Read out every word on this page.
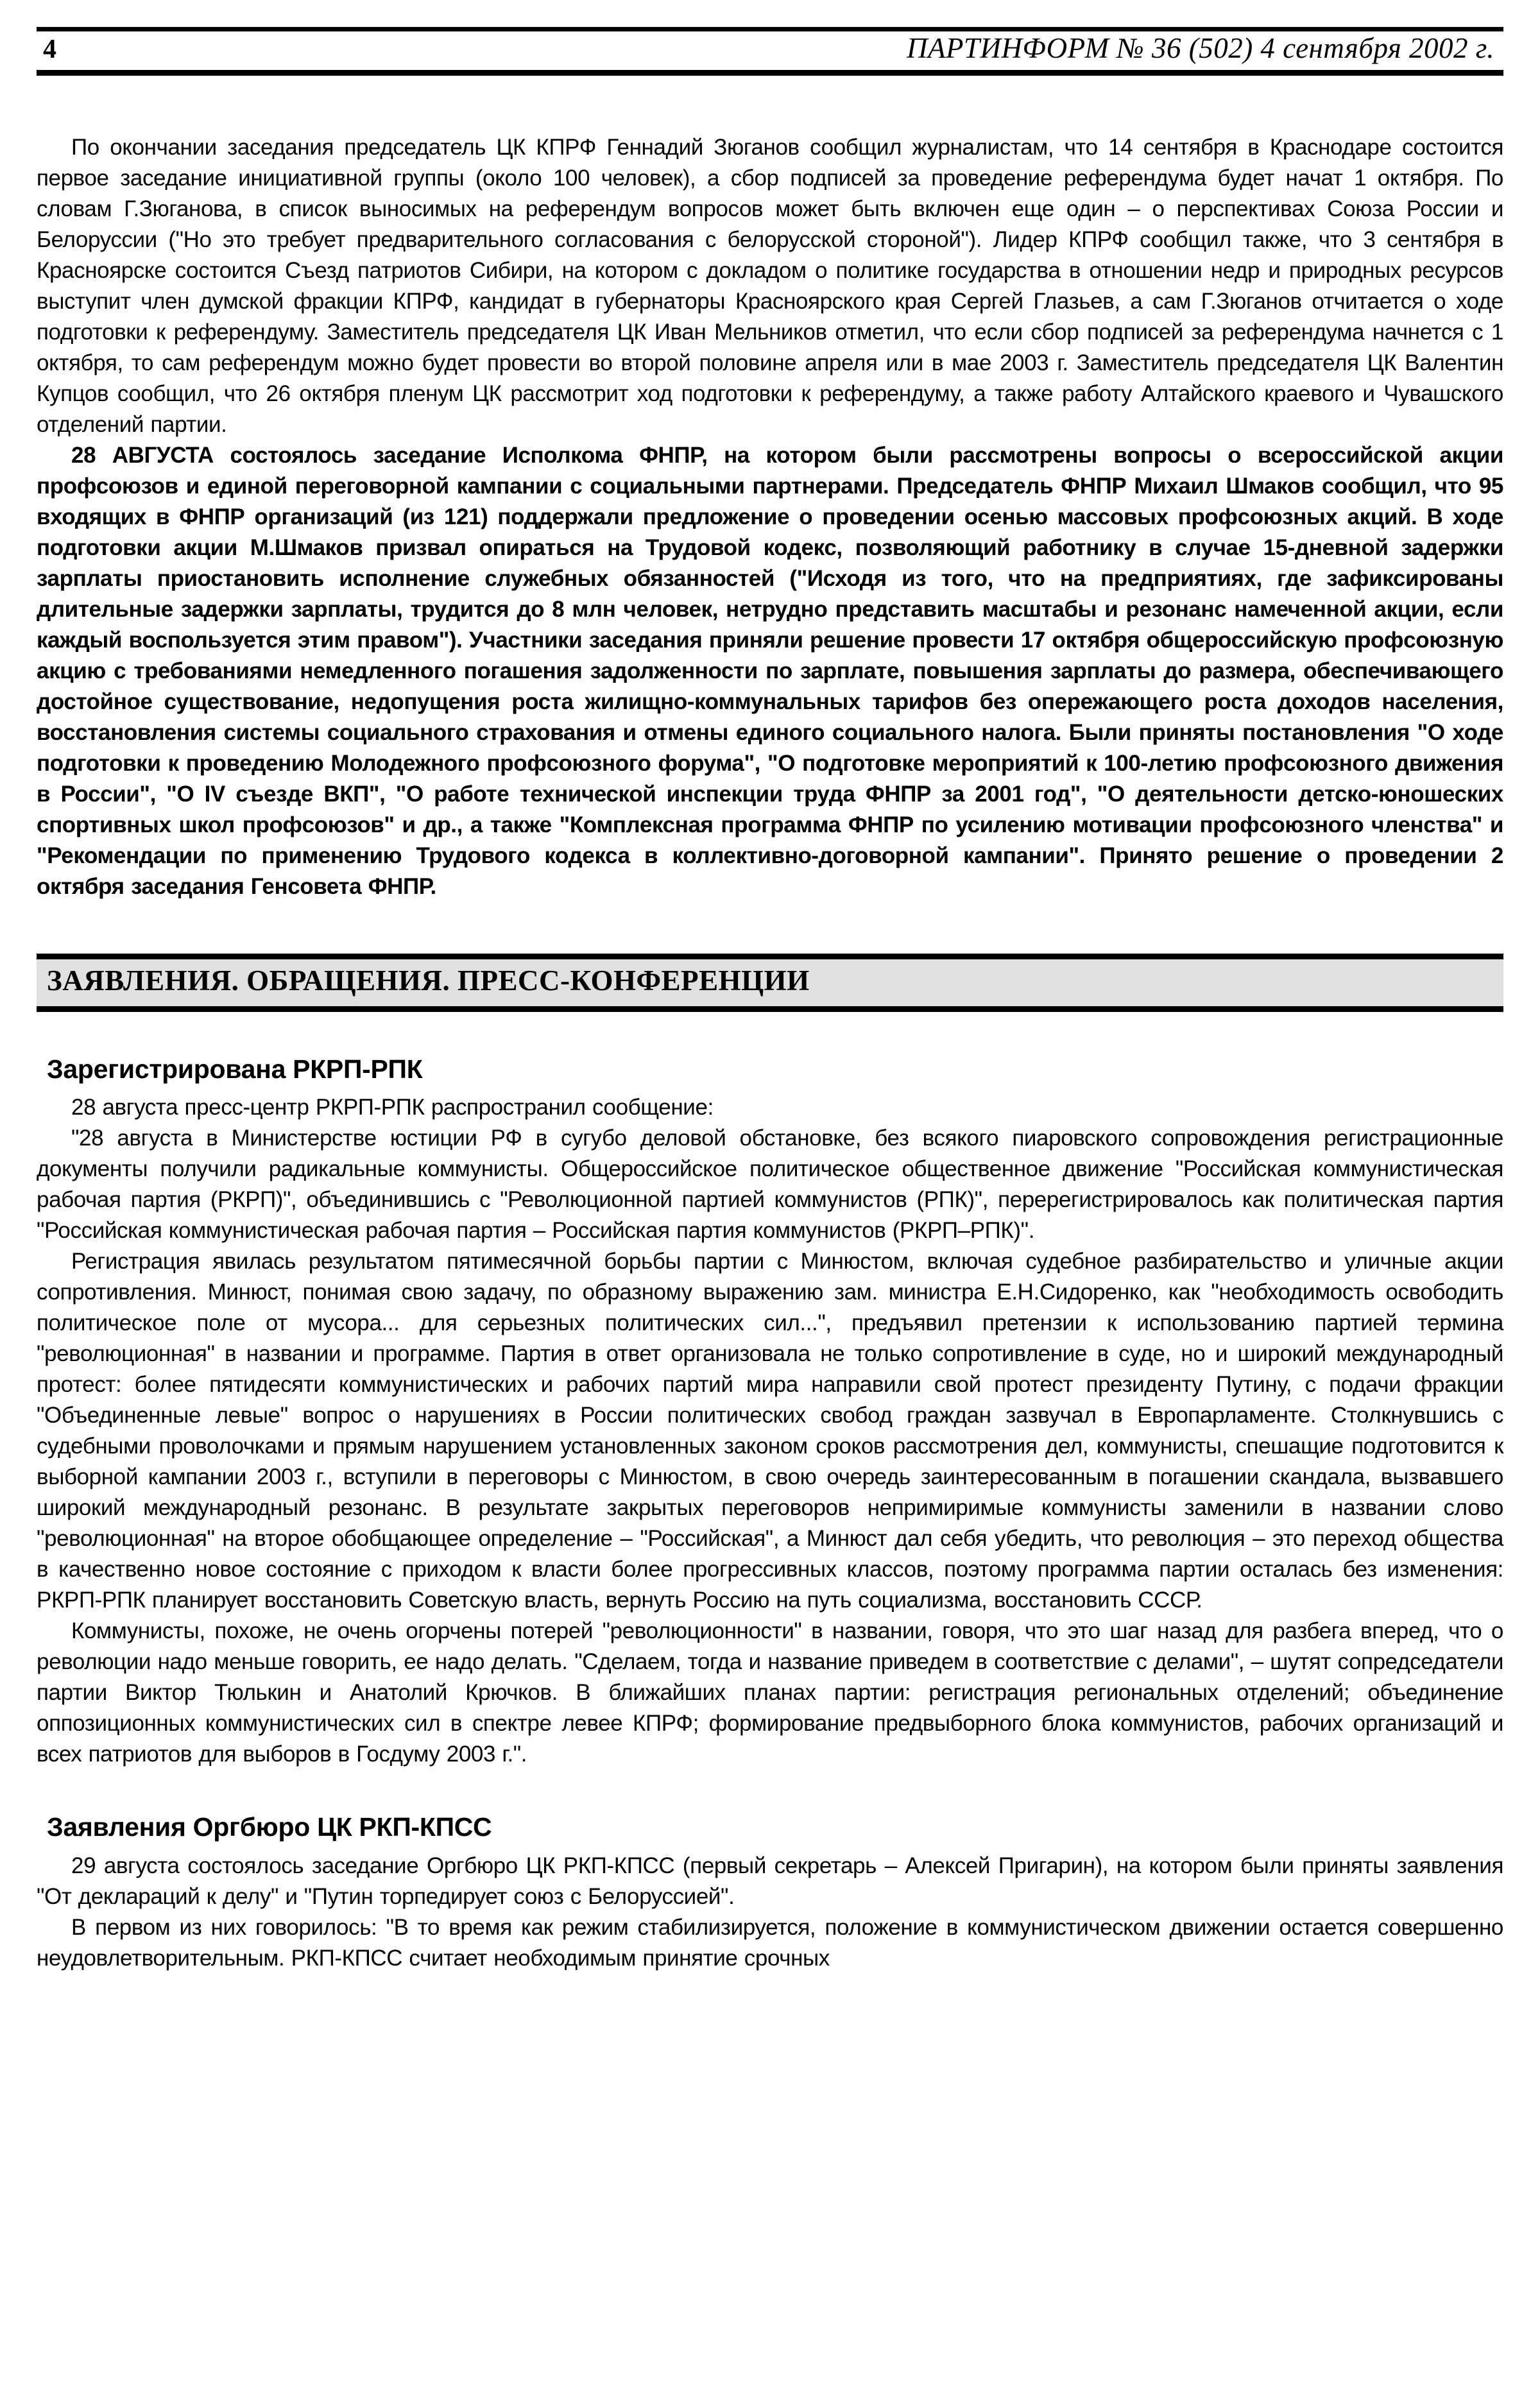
4	ПАРТИНФОРМ № 36 (502) 4 сентября 2002 г.

По окончании заседания председатель ЦК КПРФ Геннадий Зюганов сообщил журналистам, что 14 сентября в Краснодаре состоится первое заседание инициативной группы (около 100 человек), а сбор подписей за проведение референдума будет начат 1 октября. По словам Г.Зюганова, в список выносимых на референдум вопросов может быть включен еще один – о перспективах Союза России и Белоруссии ("Но это требует предварительного согласования с белорусской стороной"). Лидер КПРФ сообщил также, что 3 сентября в Красноярске состоится Съезд патриотов Сибири, на котором с докладом о политике государства в отношении недр и природных ресурсов выступит член думской фракции КПРФ, кандидат в губернаторы Красноярского края Сергей Глазьев, а сам Г.Зюганов отчитается о ходе подготовки к референдуму. Заместитель председателя ЦК Иван Мельников отметил, что если сбор подписей за референдума начнется с 1 октября, то сам референдум можно будет провести во второй половине апреля или в мае 2003 г. Заместитель председателя ЦК Валентин Купцов сообщил, что 26 октября пленум ЦК рассмотрит ход подготовки к референдуму, а также работу Алтайского краевого и Чувашского отделений партии.

28 АВГУСТА состоялось заседание Исполкома ФНПР, на котором были рассмотрены вопросы о всероссийской акции профсоюзов и единой переговорной кампании с социальными партнерами. Председатель ФНПР Михаил Шмаков сообщил, что 95 входящих в ФНПР организаций (из 121) поддержали предложение о проведении осенью массовых профсоюзных акций. В ходе подготовки акции М.Шмаков призвал опираться на Трудовой кодекс, позволяющий работнику в случае 15-дневной задержки зарплаты приостановить исполнение служебных обязанностей ("Исходя из того, что на предприятиях, где зафиксированы длительные задержки зарплаты, трудится до 8 млн человек, нетрудно представить масштабы и резонанс намеченной акции, если каждый воспользуется этим правом"). Участники заседания приняли решение провести 17 октября общероссийскую профсоюзную акцию с требованиями немедленного погашения задолженности по зарплате, повышения зарплаты до размера, обеспечивающего достойное существование, недопущения роста жилищно-коммунальных тарифов без опережающего роста доходов населения, восстановления системы социального страхования и отмены единого социального налога. Были приняты постановления "О ходе подготовки к проведению Молодежного профсоюзного форума", "О подготовке мероприятий к 100-летию профсоюзного движения в России", "О IV съезде ВКП", "О работе технической инспекции труда ФНПР за 2001 год", "О деятельности детско-юношеских спортивных школ профсоюзов" и др., а также "Комплексная программа ФНПР по усилению мотивации профсоюзного членства" и "Рекомендации по применению Трудового кодекса в коллективно-договорной кампании". Принято решение о проведении 2 октября заседания Генсовета ФНПР.

ЗАЯВЛЕНИЯ. ОБРАЩЕНИЯ. ПРЕСС-КОНФЕРЕНЦИИ
Зарегистрирована РКРП-РПК

28 августа пресс-центр РКРП-РПК распространил сообщение:

"28 августа в Министерстве юстиции РФ в сугубо деловой обстановке, без всякого пиаровского сопровождения регистрационные документы получили радикальные коммунисты. Общероссийское политическое общественное движение "Российская коммунистическая рабочая партия (РКРП)", объединившись с "Революционной партией коммунистов (РПК)", перерегистрировалось как политическая партия "Российская коммунистическая рабочая партия – Российская партия коммунистов (РКРП–РПК)".

Регистрация явилась результатом пятимесячной борьбы партии с Минюстом, включая судебное разбирательство и уличные акции сопротивления. Минюст, понимая свою задачу, по образному выражению зам. министра Е.Н.Сидоренко, как "необходимость освободить политическое поле от мусора... для серьезных политических сил...", предъявил претензии к использованию партией термина "революционная" в названии и программе. Партия в ответ организовала не только сопротивление в суде, но и широкий международный протест: более пятидесяти коммунистических и рабочих партий мира направили свой протест президенту Путину, с подачи фракции "Объединенные левые" вопрос о нарушениях в России политических свобод граждан зазвучал в Европарламенте. Столкнувшись с судебными проволочками и прямым нарушением установленных законом сроков рассмотрения дел, коммунисты, спешащие подготовится к выборной кампании 2003 г., вступили в переговоры с Минюстом, в свою очередь заинтересованным в погашении скандала, вызвавшего широкий международный резонанс. В результате закрытых переговоров непримиримые коммунисты заменили в названии слово "революционная" на второе обобщающее определение – "Российская", а Минюст дал себя убедить, что революция – это переход общества в качественно новое состояние с приходом к власти более прогрессивных классов, поэтому программа партии осталась без изменения: РКРП-РПК планирует восстановить Советскую власть, вернуть Россию на путь социализма, восстановить СССР.

Коммунисты, похоже, не очень огорчены потерей "революционности" в названии, говоря, что это шаг назад для разбега вперед, что о революции надо меньше говорить, ее надо делать. "Сделаем, тогда и название приведем в соответствие с делами", – шутят сопредседатели партии Виктор Тюлькин и Анатолий Крючков. В ближайших планах партии: регистрация региональных отделений; объединение оппозиционных коммунистических сил в спектре левее КПРФ; формирование предвыборного блока коммунистов, рабочих организаций и всех патриотов для выборов в Госдуму 2003 г.".

Заявления Оргбюро ЦК РКП-КПСС

29 августа состоялось заседание Оргбюро ЦК РКП-КПСС (первый секретарь – Алексей Пригарин), на котором были приняты заявления "От деклараций к делу" и "Путин торпедирует союз с Белоруссией".

В первом из них говорилось: "В то время как режим стабилизируется, положение в коммунистическом движении остается совершенно неудовлетворительным. РКП-КПСС считает необходимым принятие срочных
